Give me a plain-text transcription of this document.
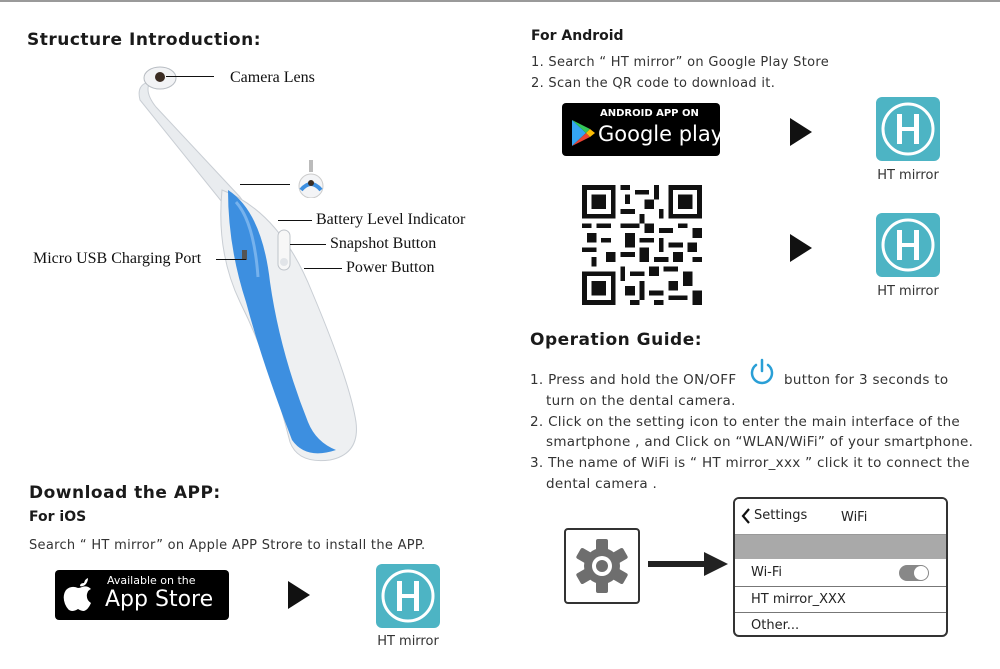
Structure Introduction:
Camera Lens
Battery Level Indicator
Snapshot Button
Power Button
Micro USB Charging Port
Download the APP:
For iOS
Search “ HT mirror” on Apple APP Strore to install the APP.
Available on the
App Store
HT mirror
For Android
1. Search “ HT mirror” on Google Play Store
2. Scan the QR code to download it.
ANDROID APP ON
Google play
HT mirror
HT mirror
Operation Guide:
1. Press and hold the ON/OFF	button for 3 seconds to
turn on the dental camera.
2. Click on the setting icon to enter the main interface of the
smartphone , and Click on “WLAN/WiFi” of your smartphone.
3. The name of WiFi is “ HT mirror_xxx ” click it to connect the
dental camera .
Settings	WiFi
Wi-Fi
HT mirror_XXX
Other...
